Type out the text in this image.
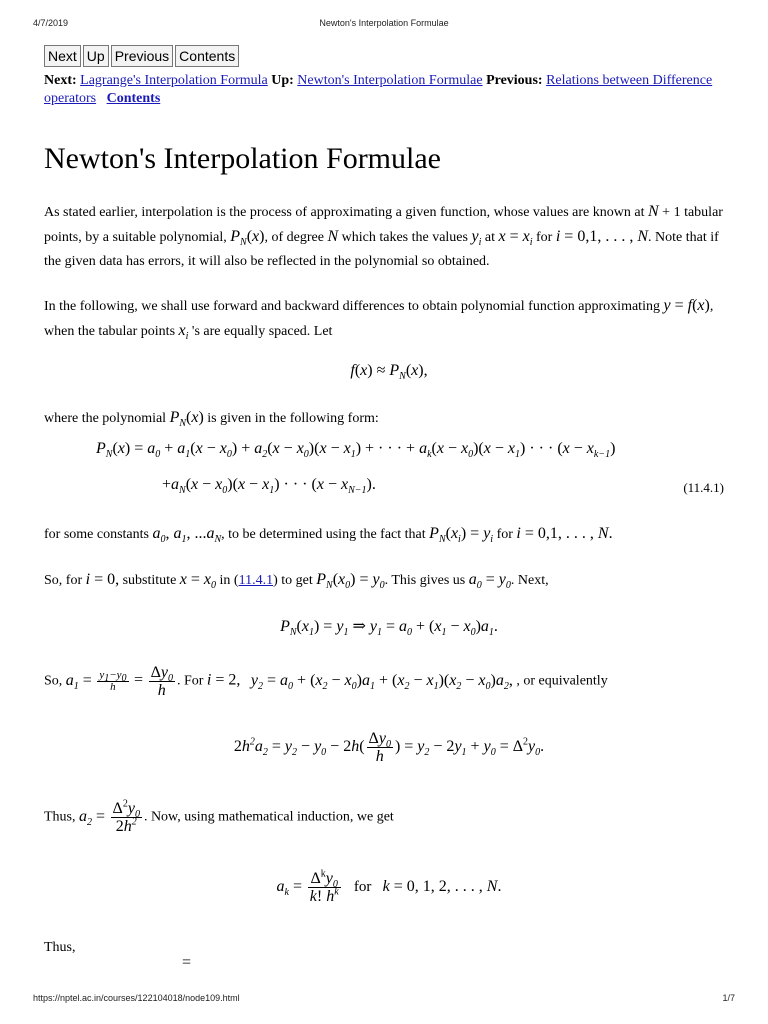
4/7/2019	Newton's Interpolation Formulae
Next Up Previous Contents
Next: Lagrange's Interpolation Formula Up: Newton's Interpolation Formulae Previous: Relations between Difference operators Contents
Newton's Interpolation Formulae
As stated earlier, interpolation is the process of approximating a given function, whose values are known at N + 1 tabular points, by a suitable polynomial, $P_N(x)$, of degree N which takes the values $y_i$ at $x = x_i$ for i = 0,1, . . . , N. Note that if the given data has errors, it will also be reflected in the polynomial so obtained.
In the following, we shall use forward and backward differences to obtain polynomial function approximating y = f(x), when the tabular points $x_i$ 's are equally spaced. Let
$f(x) \approx P_N(x)$,
where the polynomial $P_N(x)$ is given in the following form:
$P_N(x) = a_0 + a_1(x - x_0) + a_2(x - x_0)(x - x_1)$ + · · · + $a_k(x - x_0)(x - x_1)$ · · · $(x - x_{k-1})$
$+a_N(x - x_0)(x - x_1)$ · · · $(x - x_{N-1})$.	(11.4.1)
for some constants $a_0$, $a_1$, $...a_N$, to be determined using the fact that $P_N(x_i) = y_i$ for i = 0,1, . . . , N.
So, for i = 0, substitute $x = x_0$ in (11.4.1) to get $P_N(x_0) = y_0$. This gives us $a_0 = y_0$. Next,
$P_N(x_1) = y_1$ ⇒ $y_1 = a_0 + (x_1 - x_0)a_1$.
So, $a_1 = \frac{y_1-y_0}{h} = \frac{\Delta y_0}{h}$ . For i = 2, $y_2 = a_0 + (x_2 - x_0)a_1 + (x_2 - x_1)(x_2 - x_0)a_2$, , or equivalently
$2h^2a_2 = y_2 - y_0 - 2h( \frac{\Delta y_0}{h}$ ) = $y_2 - 2y_1 + y_0 = \Delta^2y_0$.
Thus, $a_2 = \frac{\Delta^2y_0}{2h^2}$ . Now, using mathematical induction, we get
$a_k = \frac{\Delta^ky_0}{k! h^k}$ for k = 0, 1, 2, . . . , N.
Thus,
=
https://nptel.ac.in/courses/122104018/node109.html	1/7
